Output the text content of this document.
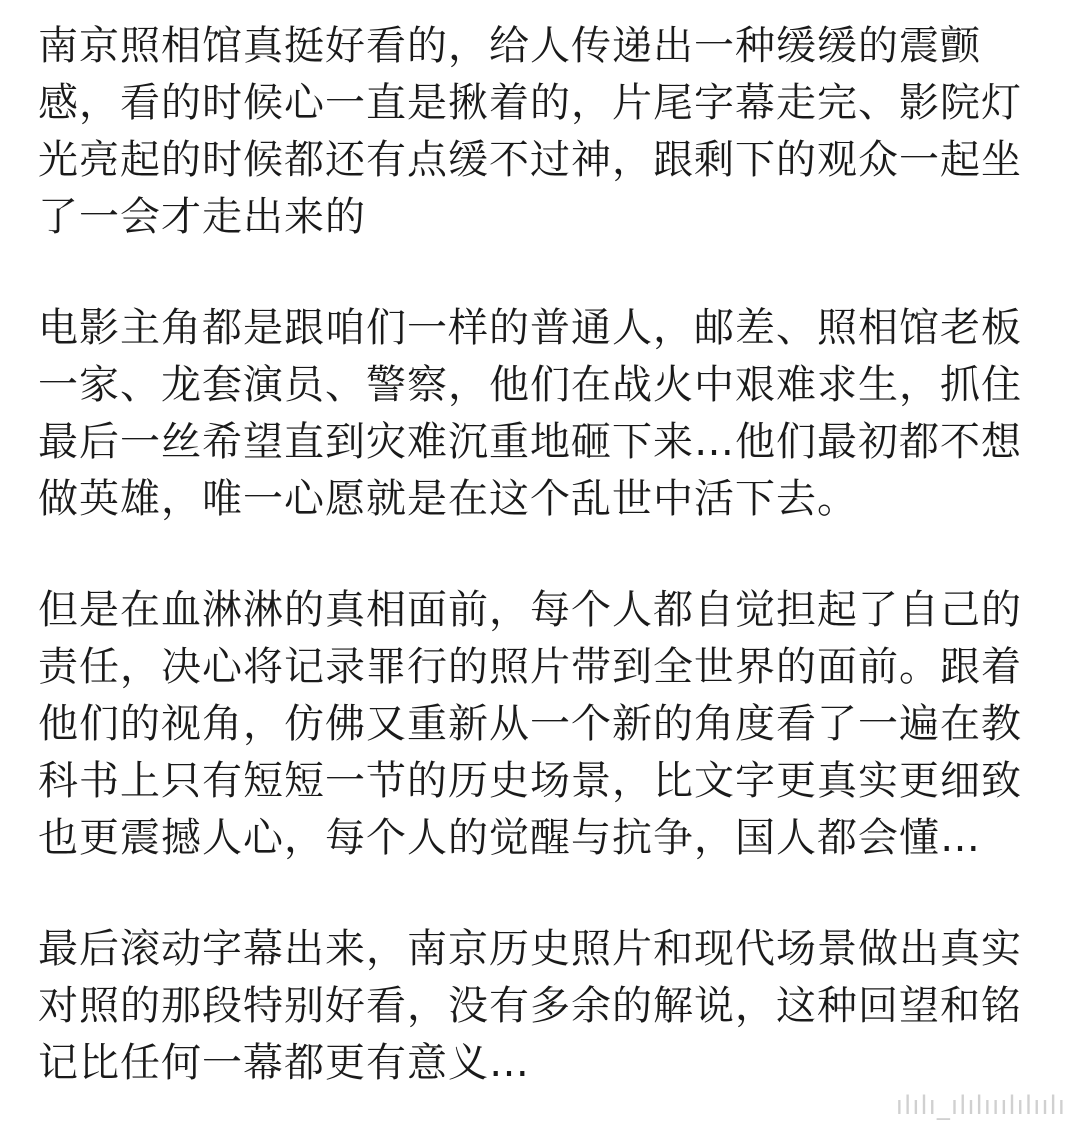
南京照相馆真挺好看的，给人传递出一种缓缓的震颤
感，看的时候心一直是揪着的，片尾字幕走完、影院灯
光亮起的时候都还有点缓不过神，跟剩下的观众一起坐
了一会才走出来的
电影主角都是跟咱们一样的普通人，邮差、照相馆老板
一家、龙套演员、警察，他们在战火中艰难求生，抓住
最后一丝希望直到灾难沉重地砸下来…他们最初都不想
做英雄，唯一心愿就是在这个乱世中活下去。
但是在血淋淋的真相面前，每个人都自觉担起了自己的
责任，决心将记录罪行的照片带到全世界的面前。跟着
他们的视角，仿佛又重新从一个新的角度看了一遍在教
科书上只有短短一节的历史场景，比文字更真实更细致
也更震撼人心，每个人的觉醒与抗争，国人都会懂…
最后滚动字幕出来，南京历史照片和现代场景做出真实
对照的那段特别好看，没有多余的解说，这种回望和铭
记比任何一幕都更有意义…
ılılı_ılılııılılıılı
